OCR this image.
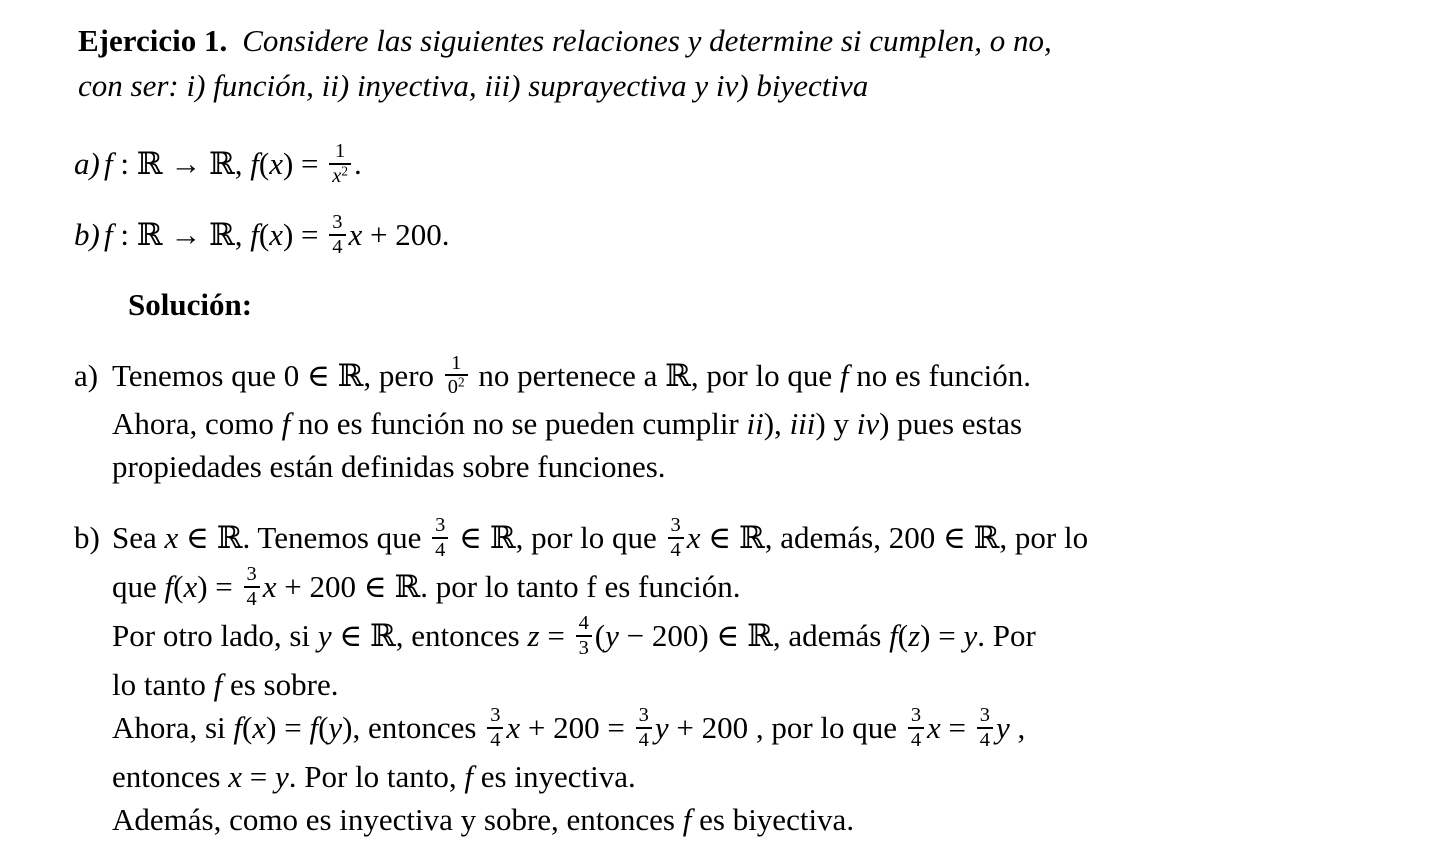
Ejercicio 1. Considere las siguientes relaciones y determine si cumplen, o no,
con ser: i) función, ii) inyectiva, iii) suprayectiva y iv) biyectiva
a) f : ℝ → ℝ, $f(x) = \frac{1}{x^2}$ .
b) f : ℝ → ℝ, $f(x) = \frac{3}{4}$ x + 200.
Solución:
a) Tenemos que 0 ∈ ℝ, pero $\frac{1}{0^2}$ no pertenece a ℝ, por lo que f no es función.
Ahora, como f no es función no se pueden cumplir ii), iii) y iv) pues estas
propiedades están definidas sobre funciones.
b) Sea x ∈ ℝ. Tenemos que $\frac{3}{4}$ ∈ ℝ, por lo que $\frac{3}{4}$ x ∈ ℝ, además, 200 ∈ ℝ, por lo
que $f(x) = \frac{3}{4}$ x + 200 ∈ ℝ. por lo tanto f es función.
Por otro lado, si y ∈ ℝ, entonces $z = \frac{4}{3} (y - 200)$ ∈ ℝ, además f(z) = y. Por
lo tanto f es sobre.
Ahora, si f(x) = f(y), entonces $\frac{3}{4}$ $x + 200 = \frac{3}{4}$ y + 200 , por lo que $\frac{3}{4}$ $x = \frac{3}{4}$ y ,
entonces x = y. Por lo tanto, f es inyectiva.
Además, como es inyectiva y sobre, entonces f es biyectiva.
